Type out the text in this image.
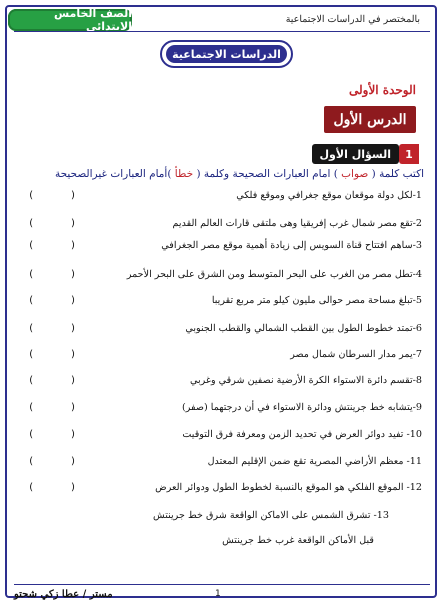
بالمختصر في الدراسات الاجتماعية
الصف الخامس الابتدائي
الدراسات الاجتماعية
الوحدة الأولى
الدرس الأول
1
السؤال الأول
اكتب كلمة ( صواب ) امام العبارات الصحيحة وكلمة ( خطأ )أمام العبارات غيرالصحيحة
1-لكل دولة موقعان موقع جغرافي وموقع فلكي
(      )
2-تقع مصر شمال غرب إفريقيا وهى ملتقى قارات العالم القديم
(      )
3-ساهم افتتاح قناة السويس إلى زيادة أهمية موقع مصر الجغرافي
(      )
4-تطل مصر من الغرب على البحر المتوسط ومن الشرق على البحر الأحمر
(      )
5-تبلغ مساحة مصر حوالى مليون كيلو متر مربع تقريبا
(      )
6-تمتد خطوط الطول بين القطب الشمالي والقطب الجنوبي
(      )
7-يمر مدار السرطان شمال مصر
(      )
8-تقسم دائرة الاستواء الكرة الأرضية نصفين شرقي وغربي
(      )
9-يتشابه خط جرينتش ودائرة الاستواء في أن درجتهما (صفر)
(      )
10- تفيد دوائر العرض في تحديد الزمن ومعرفة فرق التوقيت
(      )
11- معظم الأراضي المصرية تقع ضمن الإقليم المعتدل
(      )
12- الموقع الفلكي هو الموقع بالنسبة لخطوط الطول ودوائر العرض
(      )
13- تشرق الشمس على الاماكن الواقعة شرق خط جرينتش
قبل الأماكن الواقعة غرب خط جرينتش
مستر / عطا زكي شحتو	1
